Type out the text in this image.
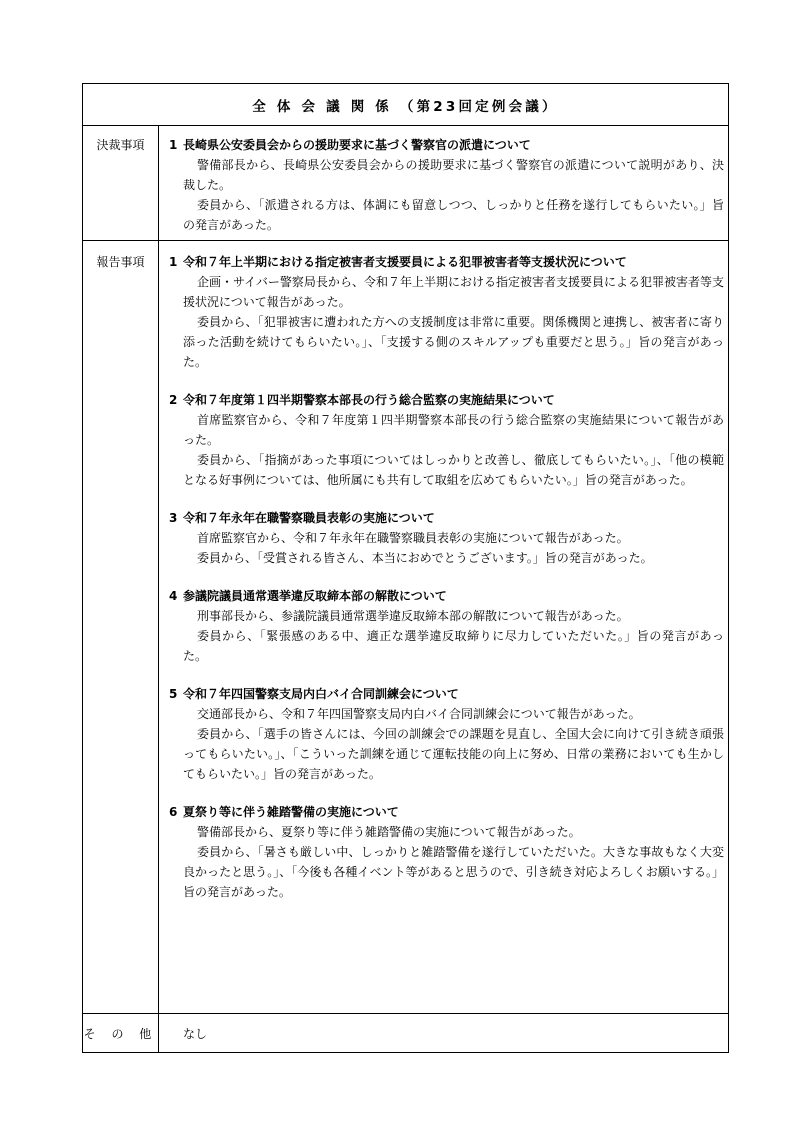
全 体 会 議 関 係 （第23回定例会議）
決裁事項
報告事項
そ の 他
1 長崎県公安委員会からの援助要求に基づく警察官の派遣について

警備部長から、長崎県公安委員会からの援助要求に基づく警察官の派遣について説明があり、決裁した。

委員から、「派遣される方は、体調にも留意しつつ、しっかりと任務を遂行してもらいたい。」旨の発言があった。

1 令和７年上半期における指定被害者支援要員による犯罪被害者等支援状況について

企画・サイバー警察局長から、令和７年上半期における指定被害者支援要員による犯罪被害者等支援状況について報告があった。

委員から、「犯罪被害に遭われた方への支援制度は非常に重要。関係機関と連携し、被害者に寄り添った活動を続けてもらいたい。」、「支援する側のスキルアップも重要だと思う。」旨の発言があった。

2 令和７年度第１四半期警察本部長の行う総合監察の実施結果について

首席監察官から、令和７年度第１四半期警察本部長の行う総合監察の実施結果について報告があった。

委員から、「指摘があった事項についてはしっかりと改善し、徹底してもらいたい。」、「他の模範となる好事例については、他所属にも共有して取組を広めてもらいたい。」旨の発言があった。

3 令和７年永年在職警察職員表彰の実施について

首席監察官から、令和７年永年在職警察職員表彰の実施について報告があった。

委員から、「受賞される皆さん、本当におめでとうございます。」旨の発言があった。

4 参議院議員通常選挙違反取締本部の解散について

刑事部長から、参議院議員通常選挙違反取締本部の解散について報告があった。

委員から、「緊張感のある中、適正な選挙違反取締りに尽力していただいた。」旨の発言があった。

5 令和７年四国警察支局内白バイ合同訓練会について

交通部長から、令和７年四国警察支局内白バイ合同訓練会について報告があった。

委員から、「選手の皆さんには、今回の訓練会での課題を見直し、全国大会に向けて引き続き頑張ってもらいたい。」、「こういった訓練を通じて運転技能の向上に努め、日常の業務においても生かしてもらいたい。」旨の発言があった。

6 夏祭り等に伴う雑踏警備の実施について

警備部長から、夏祭り等に伴う雑踏警備の実施について報告があった。

委員から、「暑さも厳しい中、しっかりと雑踏警備を遂行していただいた。大きな事故もなく大変良かったと思う。」、「今後も各種イベント等があると思うので、引き続き対応よろしくお願いする。」旨の発言があった。

なし
